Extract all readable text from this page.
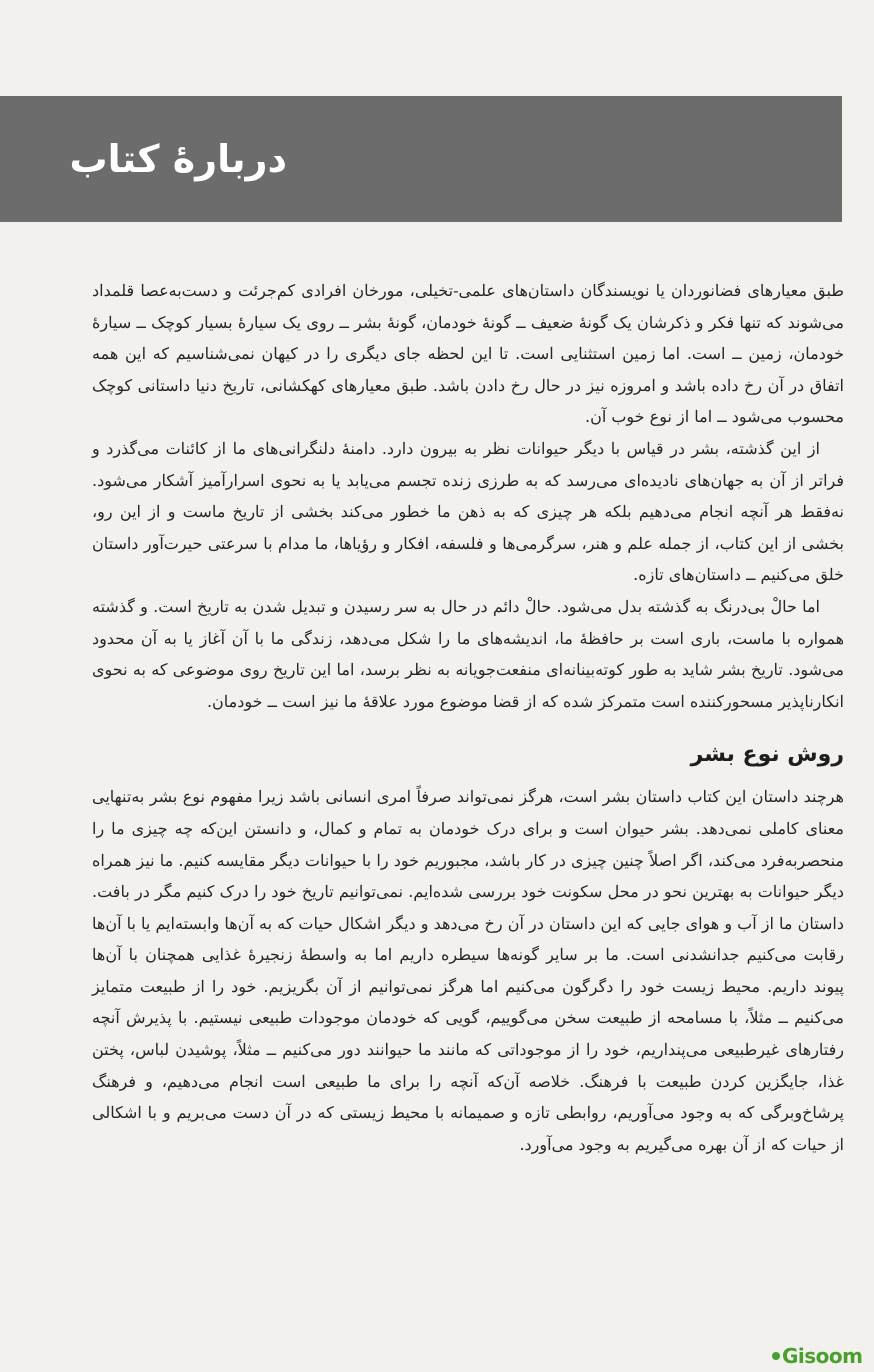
دربارهٔ کتاب

طبق معیارهای فضانوردان یا نویسندگان داستان‌های علمی-تخیلی، مورخان افرادی کم‌جرئت و دست‌به‌عصا قلمداد می‌شوند که تنها فکر و ذکرشان یک گونهٔ ضعیف ــ گونهٔ خودمان، گونهٔ بشر ــ روی یک سیارهٔ بسیار کوچک ــ سیارهٔ خودمان، زمین ــ است. اما زمین استثنایی است. تا این لحظه جای دیگری را در کیهان نمی‌شناسیم که این همه اتفاق در آن رخ داده باشد و امروزه نیز در حال رخ دادن باشد. طبق معیارهای کهکشانی، تاریخ دنیا داستانی کوچک محسوب می‌شود ــ اما از نوع خوب آن.

از این گذشته، بشر در قیاس با دیگر حیوانات نظر به بیرون دارد. دامنهٔ دلنگرانی‌های ما از کائنات می‌گذرد و فراتر از آن به جهان‌های نادیده‌ای می‌رسد که به طرزی زنده تجسم می‌یابد یا به نحوی اسرارآمیز آشکار می‌شود. نه‌فقط هر آنچه انجام می‌دهیم بلکه هر چیزی که به ذهن ما خطور می‌کند بخشی از تاریخ ماست و از این رو، بخشی از این کتاب، از جمله علم و هنر، سرگرمی‌ها و فلسفه، افکار و رؤیاها، ما مدام با سرعتی حیرت‌آور داستان خلق می‌کنیم ــ داستان‌های تازه.

اما حالْ بی‌درنگ به گذشته بدل می‌شود. حالْ دائم در حال به سر رسیدن و تبدیل شدن به تاریخ است. و گذشته همواره با ماست، باری است بر حافظهٔ ما، اندیشه‌های ما را شکل می‌دهد، زندگی ما با آن آغاز یا به آن محدود می‌شود. تاریخ بشر شاید به طور کوته‌بینانه‌ای منفعت‌جویانه به نظر برسد، اما این تاریخ روی موضوعی که به نحوی انکارناپذیر مسحورکننده است متمرکز شده که از قضا موضوع مورد علاقهٔ ما نیز است ــ خودمان.

روش نوع بشر

هرچند داستان این کتاب داستان بشر است، هرگز نمی‌تواند صرفاً امری انسانی باشد زیرا مفهوم نوع بشر به‌تنهایی معنای کاملی نمی‌دهد. بشر حیوان است و برای درک خودمان به تمام و کمال، و دانستن این‌که چه چیزی ما را منحصربه‌فرد می‌کند، اگر اصلاً چنین چیزی در کار باشد، مجبوریم خود را با حیوانات دیگر مقایسه کنیم. ما نیز همراه دیگر حیوانات به بهترین نحو در محل سکونت خود بررسی شده‌ایم. نمی‌توانیم تاریخ خود را درک کنیم مگر در بافت. داستان ما از آب و هوای جایی که این داستان در آن رخ می‌دهد و دیگر اشکال حیات که به آن‌ها وابسته‌ایم یا با آن‌ها رقابت می‌کنیم جدانشدنی است. ما بر سایر گونه‌ها سیطره داریم اما به واسطهٔ زنجیرهٔ غذایی همچنان با آن‌ها پیوند داریم. محیط زیست خود را دگرگون می‌کنیم اما هرگز نمی‌توانیم از آن بگریزیم. خود را از طبیعت متمایز می‌کنیم ــ مثلاً، با مسامحه از طبیعت سخن می‌گوییم، گویی که خودمان موجودات طبیعی نیستیم. با پذیرش آنچه رفتارهای غیرطبیعی می‌پنداریم، خود را از موجوداتی که مانند ما حیوانند دور می‌کنیم ــ مثلاً، پوشیدن لباس، پختن غذا، جایگزین کردن طبیعت با فرهنگ. خلاصه آن‌که آنچه را برای ما طبیعی است انجام می‌دهیم، و فرهنگ پرشاخ‌وبرگی که به وجود می‌آوریم، روابطی تازه و صمیمانه با محیط زیستی که در آن دست می‌بریم و با اشکالی از حیات که از آن بهره می‌گیریم به وجود می‌آورد.

Gisoom
